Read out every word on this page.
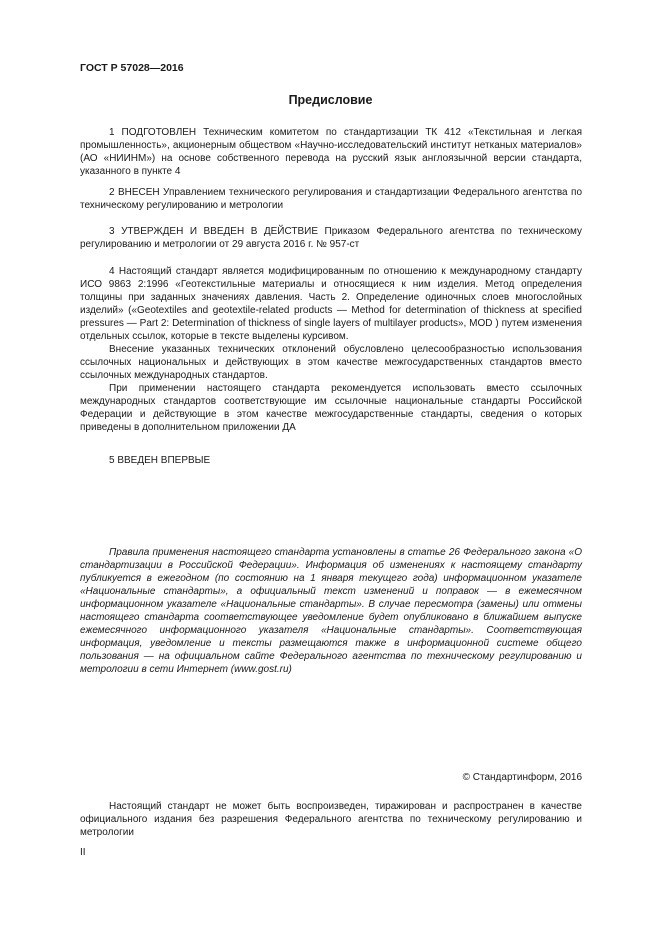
ГОСТ Р 57028—2016
Предисловие

1 ПОДГОТОВЛЕН Техническим комитетом по стандартизации ТК 412 «Текстильная и легкая промышленность», акционерным обществом «Научно-исследовательский институт нетканых материалов» (АО «НИИНМ») на основе собственного перевода на русский язык англоязычной версии стандарта, указанного в пункте 4

2 ВНЕСЕН Управлением технического регулирования и стандартизации Федерального агентства по техническому регулированию и метрологии

3 УТВЕРЖДЕН И ВВЕДЕН В ДЕЙСТВИЕ Приказом Федерального агентства по техническому регулированию и метрологии от 29 августа 2016 г. № 957-ст

4 Настоящий стандарт является модифицированным по отношению к международному стандарту ИСО 9863 2:1996 «Геотекстильные материалы и относящиеся к ним изделия. Метод определения толщины при заданных значениях давления. Часть 2. Определение одиночных слоев многослойных изделий» («Geotextiles and geotextile-related products — Method for determination of thickness at specified pressures — Part 2: Determination of thickness of single layers of multilayer products», MOD ) путем изменения отдельных ссылок, которые в тексте выделены курсивом.

Внесение указанных технических отклонений обусловлено целесообразностью использования ссылочных национальных и действующих в этом качестве межгосударственных стандартов вместо ссылочных международных стандартов.

При применении настоящего стандарта рекомендуется использовать вместо ссылочных международных стандартов соответствующие им ссылочные национальные стандарты Российской Федерации и действующие в этом качестве межгосударственные стандарты, сведения о которых приведены в дополнительном приложении ДА

5 ВВЕДЕН ВПЕРВЫЕ

Правила применения настоящего стандарта установлены в статье 26 Федерального закона «О стандартизации в Российской Федерации». Информация об изменениях к настоящему стандарту публикуется в ежегодном (по состоянию на 1 января текущего года) информационном указателе «Национальные стандарты», а официальный текст изменений и поправок — в ежемесячном информационном указателе «Национальные стандарты». В случае пересмотра (замены) или отмены настоящего стандарта соответствующее уведомление будет опубликовано в ближайшем выпуске ежемесячного информационного указателя «Национальные стандарты». Соответствующая информация, уведомление и тексты размещаются также в информационной системе общего пользования — на официальном сайте Федерального агентства по техническому регулированию и метрологии в сети Интернет (www.gost.ru)

© Стандартинформ, 2016

Настоящий стандарт не может быть воспроизведен, тиражирован и распространен в качестве официального издания без разрешения Федерального агентства по техническому регулированию и метрологии

II
